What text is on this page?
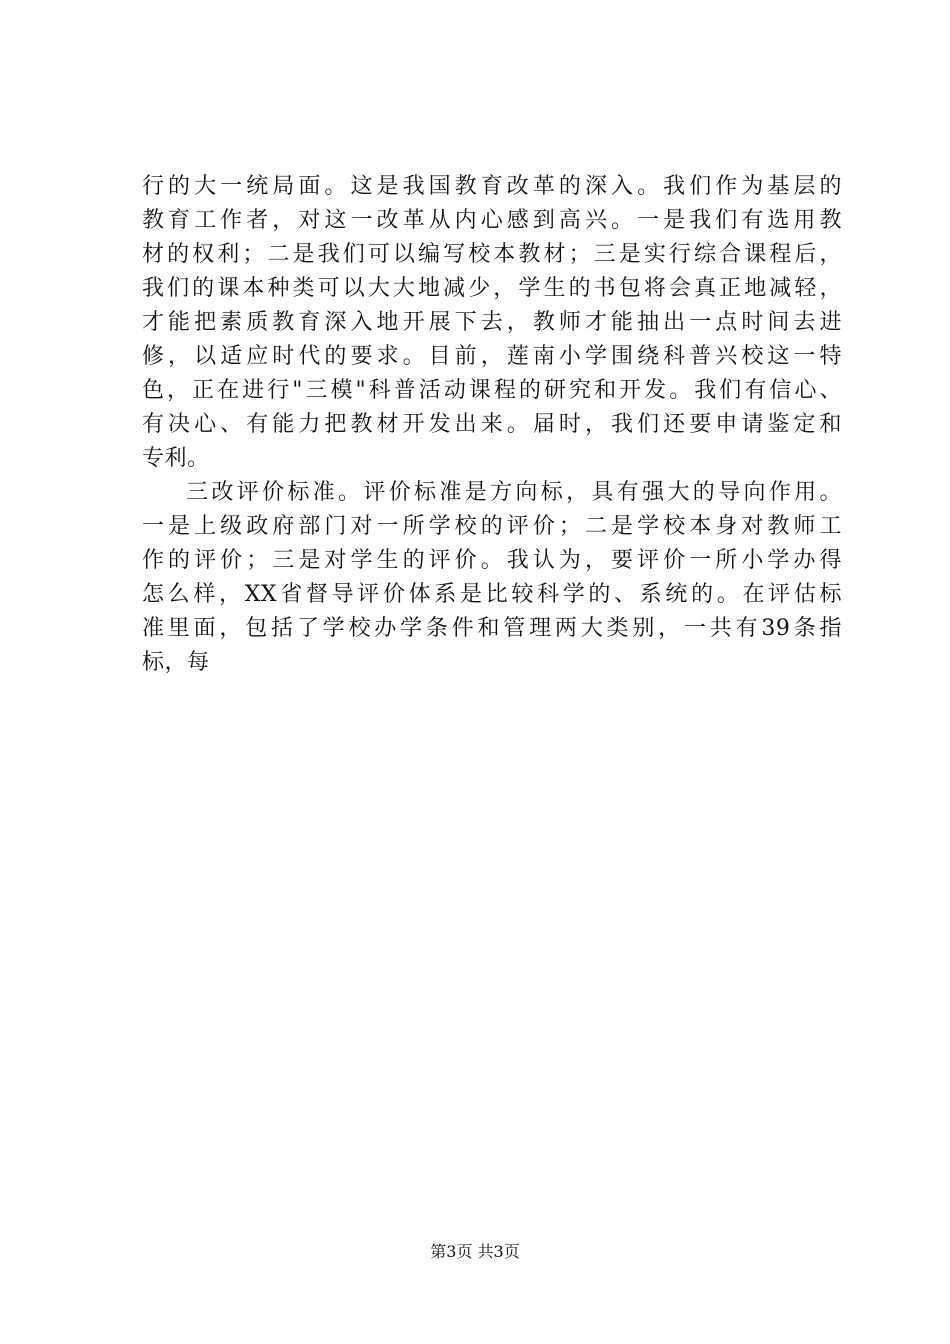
行的大一统局面。这是我国教育改革的深入。我们作为基层的
教育工作者，对这一改革从内心感到高兴。一是我们有选用教
材的权利；二是我们可以编写校本教材；三是实行综合课程后，
我们的课本种类可以大大地减少，学生的书包将会真正地减轻，
才能把素质教育深入地开展下去，教师才能抽出一点时间去进
修，以适应时代的要求。目前，莲南小学围绕科普兴校这一特
色，正在进行"三模"科普活动课程的研究和开发。我们有信心、
有决心、有能力把教材开发出来。届时，我们还要申请鉴定和
专利。
三改评价标准。评价标准是方向标，具有强大的导向作用。
一是上级政府部门对一所学校的评价；二是学校本身对教师工
作的评价；三是对学生的评价。我认为，要评价一所小学办得
怎么样，XX省督导评价体系是比较科学的、系统的。在评估标
准里面，包括了学校办学条件和管理两大类别，一共有39条指
标，每
第3页 共3页
